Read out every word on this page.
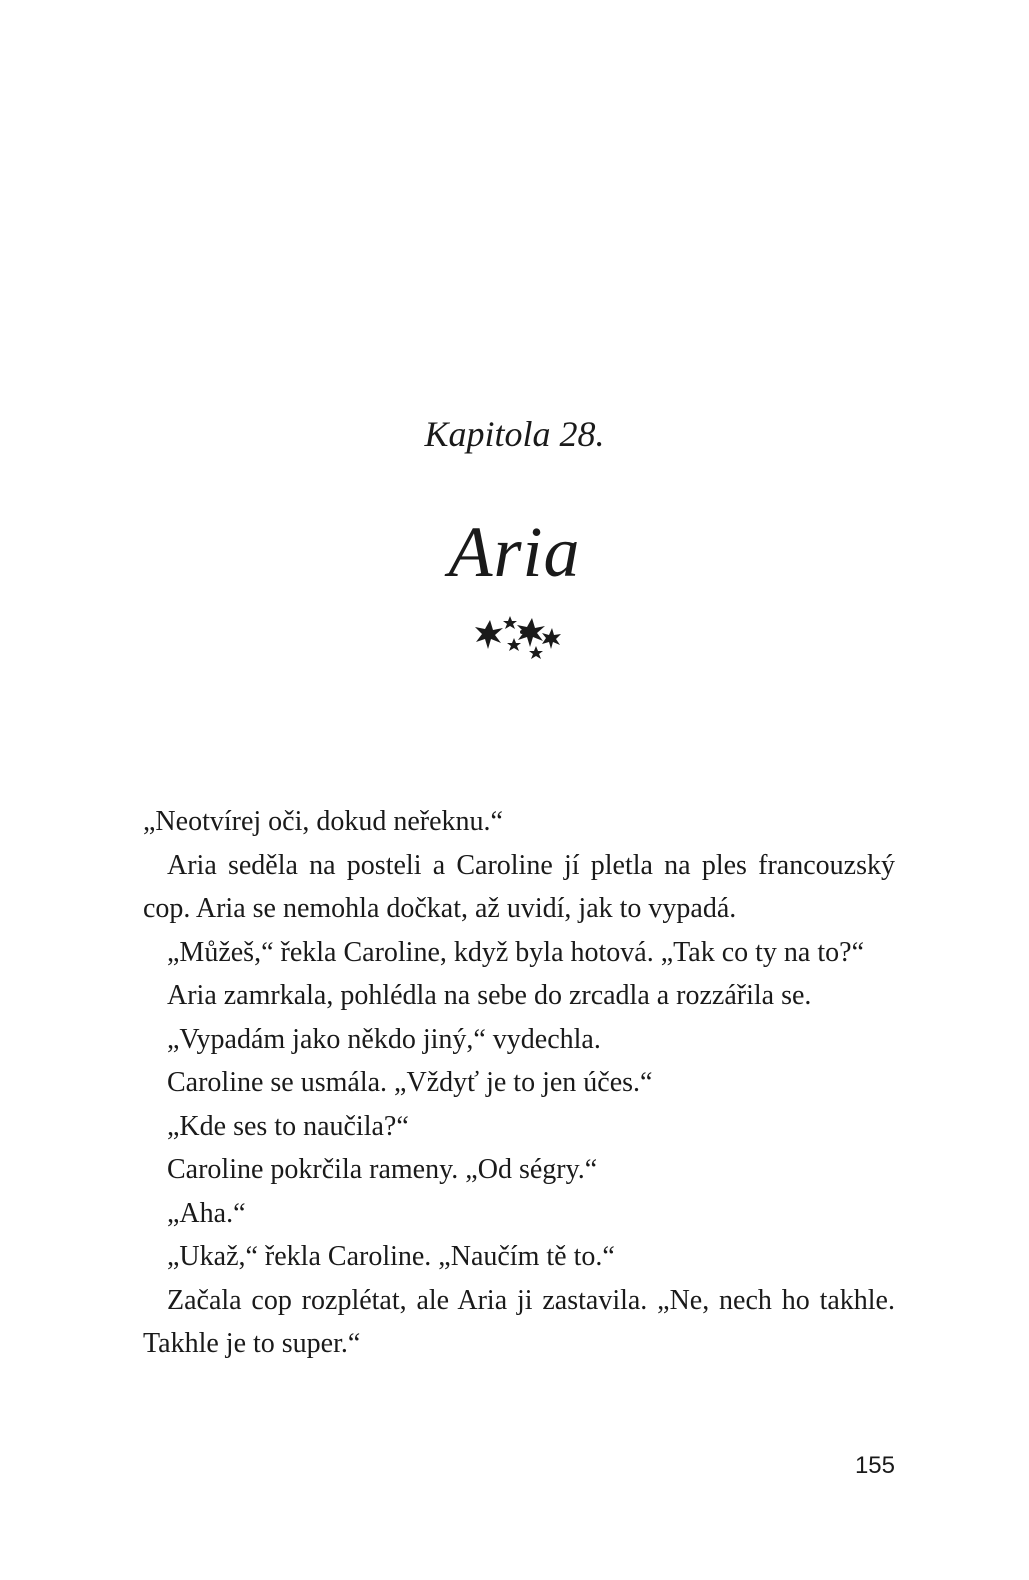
Kapitola 28.
Aria

„Neotvírej oči, dokud neřeknu.“

Aria seděla na posteli a Caroline jí pletla na ples francouzský cop. Aria se nemohla dočkat, až uvidí, jak to vypadá.

„Můžeš,“ řekla Caroline, když byla hotová. „Tak co ty na to?“

Aria zamrkala, pohlédla na sebe do zrcadla a rozzářila se.

„Vypadám jako někdo jiný,“ vydechla.

Caroline se usmála. „Vždyť je to jen účes.“

„Kde ses to naučila?“

Caroline pokrčila rameny. „Od ségry.“

„Aha.“

„Ukaž,“ řekla Caroline. „Naučím tě to.“

Začala cop rozplétat, ale Aria ji zastavila. „Ne, nech ho takhle. Takhle je to super.“

155
